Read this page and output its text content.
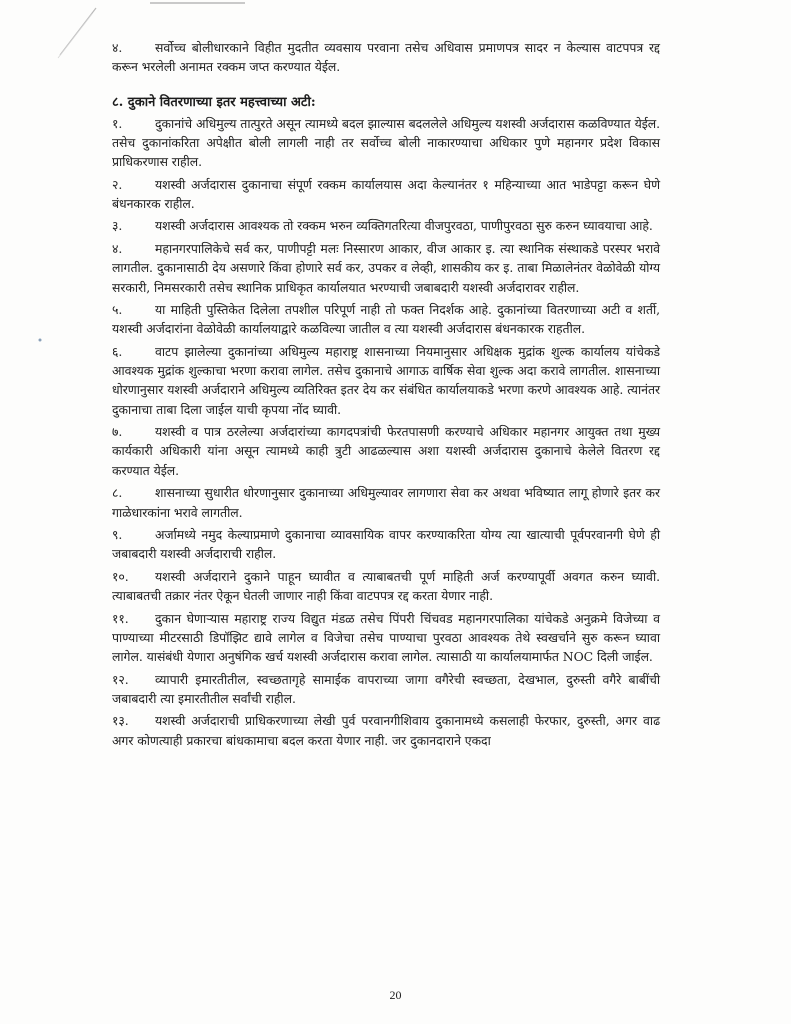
४.	सर्वोच्च बोलीधारकाने विहीत मुदतीत व्यवसाय परवाना तसेच अधिवास प्रमाणपत्र सादर न केल्यास वाटपपत्र रद्द करून भरलेली अनामत रक्कम जप्त करण्यात येईल.

८. दुकाने वितरणाच्या इतर महत्त्वाच्या अटी:

१.	दुकानांचे अधिमुल्य तात्पुरते असून त्यामध्ये बदल झाल्यास बदललेले अधिमुल्य यशस्वी अर्जदारास कळविण्यात येईल. तसेच दुकानांकरिता अपेक्षीत बोली लागली नाही तर सर्वोच्च बोली नाकारण्याचा अधिकार पुणे महानगर प्रदेश विकास प्राधिकरणास राहील.

२.	यशस्वी अर्जदारास दुकानाचा संपूर्ण रक्कम कार्यालयास अदा केल्यानंतर १ महिन्याच्या आत भाडेपट्टा करून घेणे बंधनकारक राहील.

३.	यशस्वी अर्जदारास आवश्यक तो रक्कम भरुन व्यक्तिगतरित्या वीजपुरवठा, पाणीपुरवठा सुरु करुन घ्यावयाचा आहे.

४.	महानगरपालिकेचे सर्व कर, पाणीपट्टी मलः निस्सारण आकार, वीज आकार इ. त्या स्थानिक संस्थाकडे परस्पर भरावे लागतील. दुकानासाठी देय असणारे किंवा होणारे सर्व कर, उपकर व लेव्ही, शासकीय कर इ. ताबा मिळालेनंतर वेळोवेळी योग्य सरकारी, निमसरकारी तसेच स्थानिक प्राधिकृत कार्यालयात भरण्याची जबाबदारी यशस्वी अर्जदारावर राहील.

५.	या माहिती पुस्तिकेत दिलेला तपशील परिपूर्ण नाही तो फक्त निदर्शक आहे. दुकानांच्या वितरणाच्या अटी व शर्ती, यशस्वी अर्जदारांना वेळोवेळी कार्यालयाद्वारे कळविल्या जातील व त्या यशस्वी अर्जदारास बंधनकारक राहतील.

६.	वाटप झालेल्या दुकानांच्या अधिमुल्य महाराष्ट्र शासनाच्या नियमानुसार अधिक्षक मुद्रांक शुल्क कार्यालय यांचेकडे आवश्यक मुद्रांक शुल्काचा भरणा करावा लागेल. तसेच दुकानाचे आगाऊ वार्षिक सेवा शुल्क अदा करावे लागतील. शासनाच्या धोरणानुसार यशस्वी अर्जदाराने अधिमुल्य व्यतिरिक्त इतर देय कर संबंधित कार्यालयाकडे भरणा करणे आवश्यक आहे. त्यानंतर दुकानाचा ताबा दिला जाईल याची कृपया नोंद घ्यावी.

७.	यशस्वी व पात्र ठरलेल्या अर्जदारांच्या कागदपत्रांची फेरतपासणी करण्याचे अधिकार महानगर आयुक्त तथा मुख्य कार्यकारी अधिकारी यांना असून त्यामध्ये काही त्रुटी आढळल्यास अशा यशस्वी अर्जदारास दुकानाचे केलेले वितरण रद्द करण्यात येईल.

८.	शासनाच्या सुधारीत धोरणानुसार दुकानाच्या अधिमुल्यावर लागणारा सेवा कर अथवा भविष्यात लागू होणारे इतर कर गाळेधारकांना भरावे लागतील.

९.	अर्जामध्ये नमुद केल्याप्रमाणे दुकानाचा व्यावसायिक वापर करण्याकरिता योग्य त्या खात्याची पूर्वपरवानगी घेणे ही जबाबदारी यशस्वी अर्जदाराची राहील.

१०. यशस्वी अर्जदाराने दुकाने पाहून घ्यावीत व त्याबाबतची पूर्ण माहिती अर्ज करण्यापूर्वी अवगत करुन घ्यावी. त्याबाबतची तक्रार नंतर ऐकून घेतली जाणार नाही किंवा वाटपपत्र रद्द करता येणार नाही.

११. दुकान घेणाऱ्यास महाराष्ट्र राज्य विद्युत मंडळ तसेच पिंपरी चिंचवड महानगरपालिका यांचेकडे अनुक्रमे विजेच्या व पाण्याच्या मीटरसाठी डिपॉझिट द्यावे लागेल व विजेचा तसेच पाण्याचा पुरवठा आवश्यक तेथे स्वखर्चाने सुरु करून घ्यावा लागेल. यासंबंधी येणारा अनुषंगिक खर्च यशस्वी अर्जदारास करावा लागेल. त्यासाठी या कार्यालयामार्फत NOC दिली जाईल.

१२. व्यापारी इमारतीतील, स्वच्छतागृहे सामाईक वापराच्या जागा वगैरेची स्वच्छता, देखभाल, दुरुस्ती वगैरे बाबींची जबाबदारी त्या इमारतीतील सर्वांची राहील.

१३. यशस्वी अर्जदाराची प्राधिकरणाच्या लेखी पुर्व परवानगीशिवाय दुकानामध्ये कसलाही फेरफार, दुरुस्ती, अगर वाढ अगर कोणत्याही प्रकारचा बांधकामाचा बदल करता येणार नाही. जर दुकानदाराने एकदा

20
